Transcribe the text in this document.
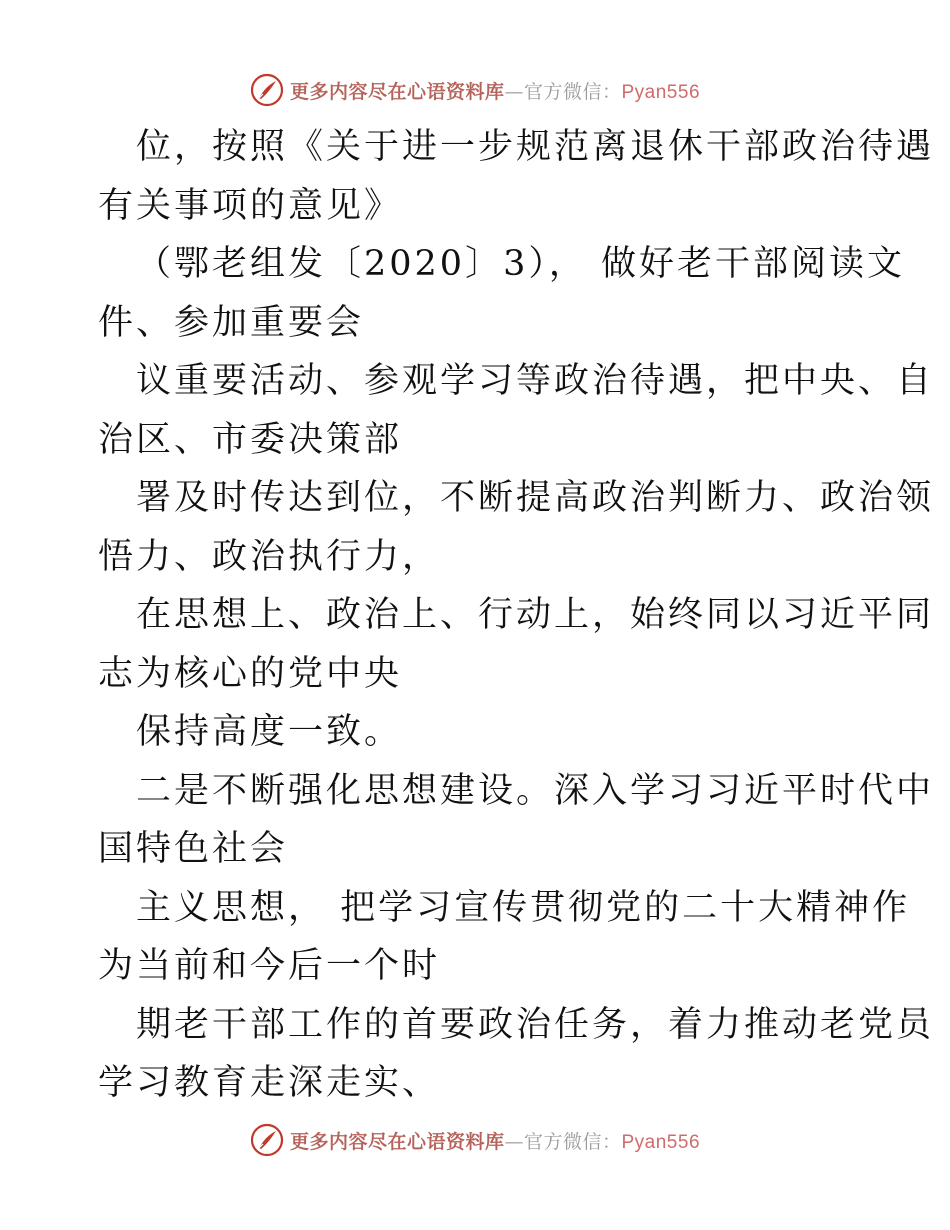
更多内容尽在心语资料库—官方微信：Pyan556
位，按照《关于进一步规范离退休干部政治待遇
有关事项的意见》
（鄂老组发〔2020〕3）， 做好老干部阅读文
件、参加重要会
议重要活动、参观学习等政治待遇，把中央、自
治区、市委决策部
署及时传达到位，不断提高政治判断力、政治领
悟力、政治执行力，
在思想上、政治上、行动上，始终同以习近平同
志为核心的党中央
保持高度一致。
二是不断强化思想建设。深入学习习近平时代中
国特色社会
主义思想， 把学习宣传贯彻党的二十大精神作
为当前和今后一个时
期老干部工作的首要政治任务，着力推动老党员
学习教育走深走实、
更多内容尽在心语资料库—官方微信：Pyan556
